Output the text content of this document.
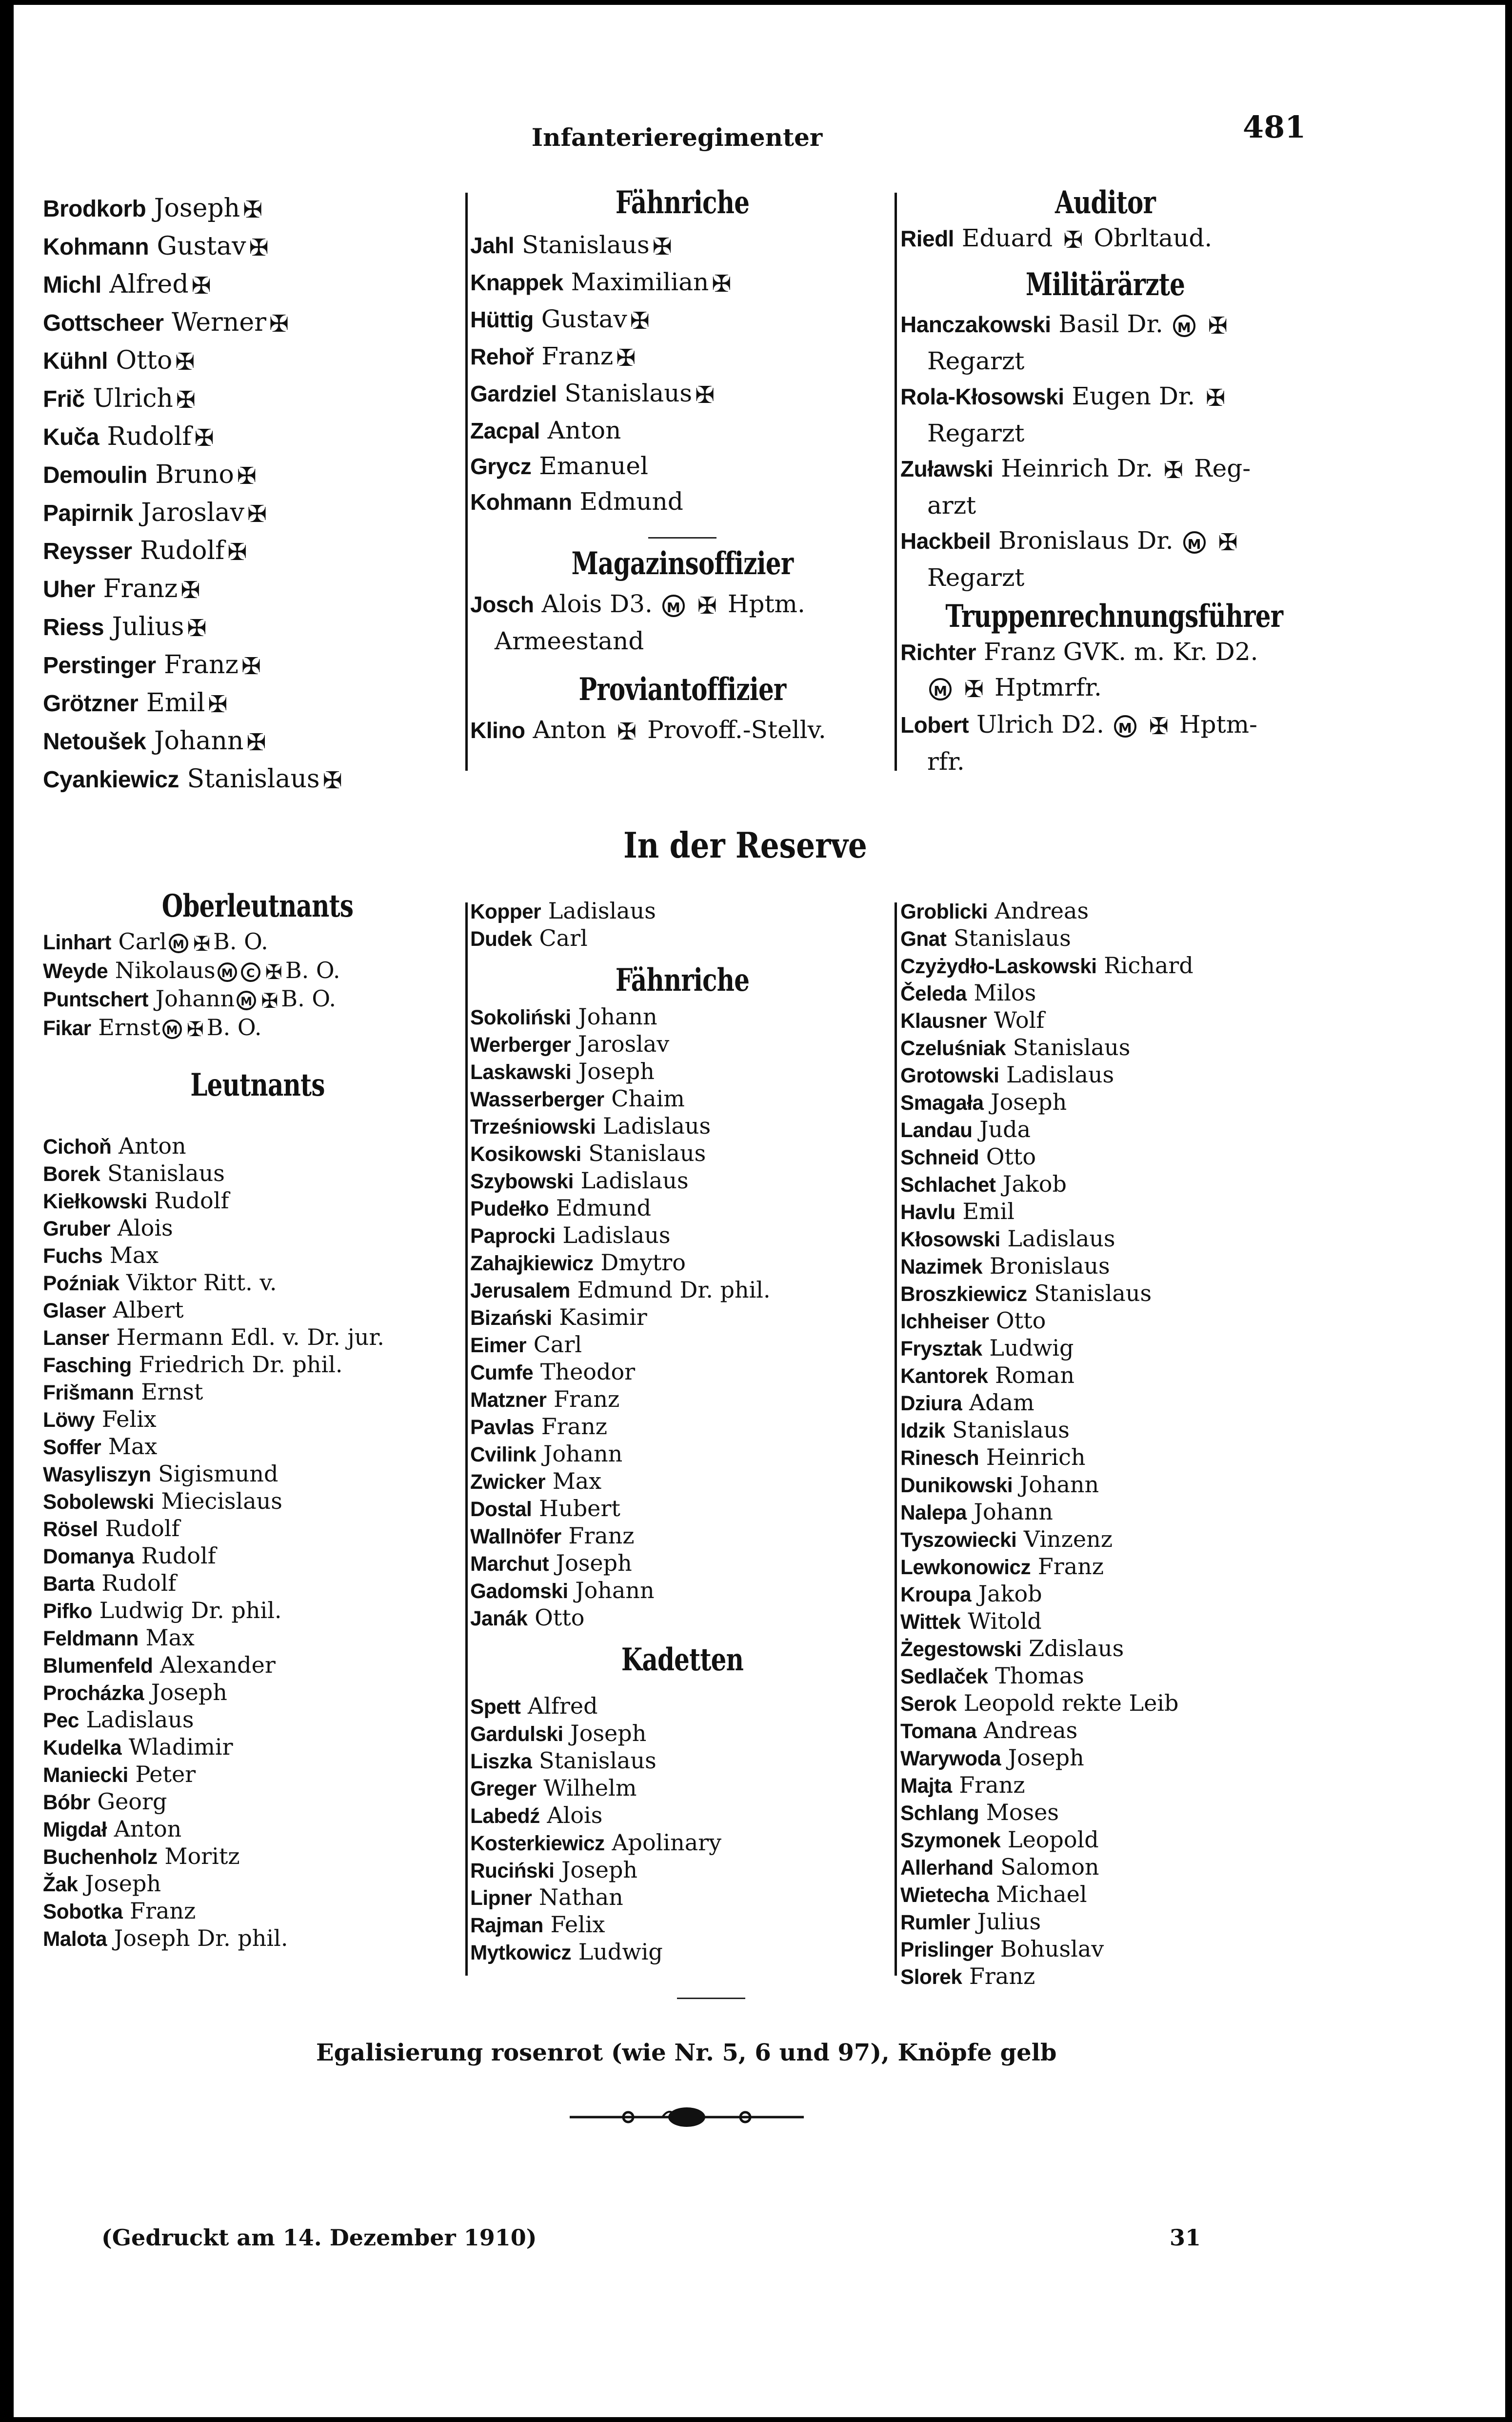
Infanterieregimenter	481
Brodkorb Joseph ✠
Kohmann Gustav ✠
Michl Alfred ✠
Gottscheer Werner ✠
Kühnl Otto ✠
Frič Ulrich ✠
Kuča Rudolf ✠
Demoulin Bruno ✠
Papirnik Jaroslav ✠
Reysser Rudolf ✠
Uher Franz ✠
Riess Julius ✠
Perstinger Franz ✠
Grötzner Emil ✠
Netoušek Johann ✠
Cyankiewicz Stanislaus ✠
Fähnriche
Jahl Stanislaus ✠
Knappek Maximilian ✠
Hüttig Gustav ✠
Rehoř Franz ✠
Gardziel Stanislaus ✠
Zacpal Anton
Grycz Emanuel
Kohmann Edmund
Magazinsoffizier
Josch Alois D3. M ✠ Hptm.
Armeestand
Proviantoffizier
Klino Anton ✠ Provoff.-Stellv.
Auditor
Riedl Eduard ✠ Obrltaud.
Militärärzte
Hanczakowski Basil Dr. M ✠
Regarzt
Rola-Kłosowski Eugen Dr. ✠
Regarzt
Zuławski Heinrich Dr. ✠ Reg-
arzt
Hackbeil Bronislaus Dr. M ✠
Regarzt
Truppenrechnungsführer
Richter Franz GVK. m. Kr. D2.
M ✠ Hptmrfr.
Lobert Ulrich D2. M ✠ Hptm-
rfr.
In der Reserve
Oberleutnants
Linhart Carl M ✠ B. O.
Weyde Nikolaus M C ✠ B. O.
Puntschert Johann M ✠ B. O.
Fikar Ernst M ✠ B. O.
Leutnants
Cichoň Anton
Borek Stanislaus
Kiełkowski Rudolf
Gruber Alois
Fuchs Max
Poźniak Viktor Ritt. v.
Glaser Albert
Lanser Hermann Edl. v. Dr. jur.
Fasching Friedrich Dr. phil.
Frišmann Ernst
Löwy Felix
Soffer Max
Wasyliszyn Sigismund
Sobolewski Miecislaus
Rösel Rudolf
Domanya Rudolf
Barta Rudolf
Pifko Ludwig Dr. phil.
Feldmann Max
Blumenfeld Alexander
Procházka Joseph
Pec Ladislaus
Kudelka Wladimir
Maniecki Peter
Bóbr Georg
Migdał Anton
Buchenholz Moritz
Žak Joseph
Sobotka Franz
Malota Joseph Dr. phil.
Kopper Ladislaus
Dudek Carl
Fähnriche
Sokoliński Johann
Werberger Jaroslav
Laskawski Joseph
Wasserberger Chaim
Trześniowski Ladislaus
Kosikowski Stanislaus
Szybowski Ladislaus
Pudełko Edmund
Paprocki Ladislaus
Zahajkiewicz Dmytro
Jerusalem Edmund Dr. phil.
Bizański Kasimir
Eimer Carl
Cumfe Theodor
Matzner Franz
Pavlas Franz
Cvilink Johann
Zwicker Max
Dostal Hubert
Wallnöfer Franz
Marchut Joseph
Gadomski Johann
Janák Otto
Kadetten
Spett Alfred
Gardulski Joseph
Liszka Stanislaus
Greger Wilhelm
Labedź Alois
Kosterkiewicz Apolinary
Ruciński Joseph
Lipner Nathan
Rajman Felix
Mytkowicz Ludwig
Groblicki Andreas
Gnat Stanislaus
Czyżydło-Laskowski Richard
Čeleda Milos
Klausner Wolf
Czeluśniak Stanislaus
Grotowski Ladislaus
Smagała Joseph
Landau Juda
Schneid Otto
Schlachet Jakob
Havlu Emil
Kłosowski Ladislaus
Nazimek Bronislaus
Broszkiewicz Stanislaus
Ichheiser Otto
Frysztak Ludwig
Kantorek Roman
Dziura Adam
Idzik Stanislaus
Rinesch Heinrich
Dunikowski Johann
Nalepa Johann
Tyszowiecki Vinzenz
Lewkonowicz Franz
Kroupa Jakob
Wittek Witold
Żegestowski Zdislaus
Sedlaček Thomas
Serok Leopold rekte Leib
Tomana Andreas
Warywoda Joseph
Majta Franz
Schlang Moses
Szymonek Leopold
Allerhand Salomon
Wietecha Michael
Rumler Julius
Prislinger Bohuslav
Slorek Franz
Egalisierung rosenrot (wie Nr. 5, 6 und 97), Knöpfe gelb
(Gedruckt am 14. Dezember 1910)	31
